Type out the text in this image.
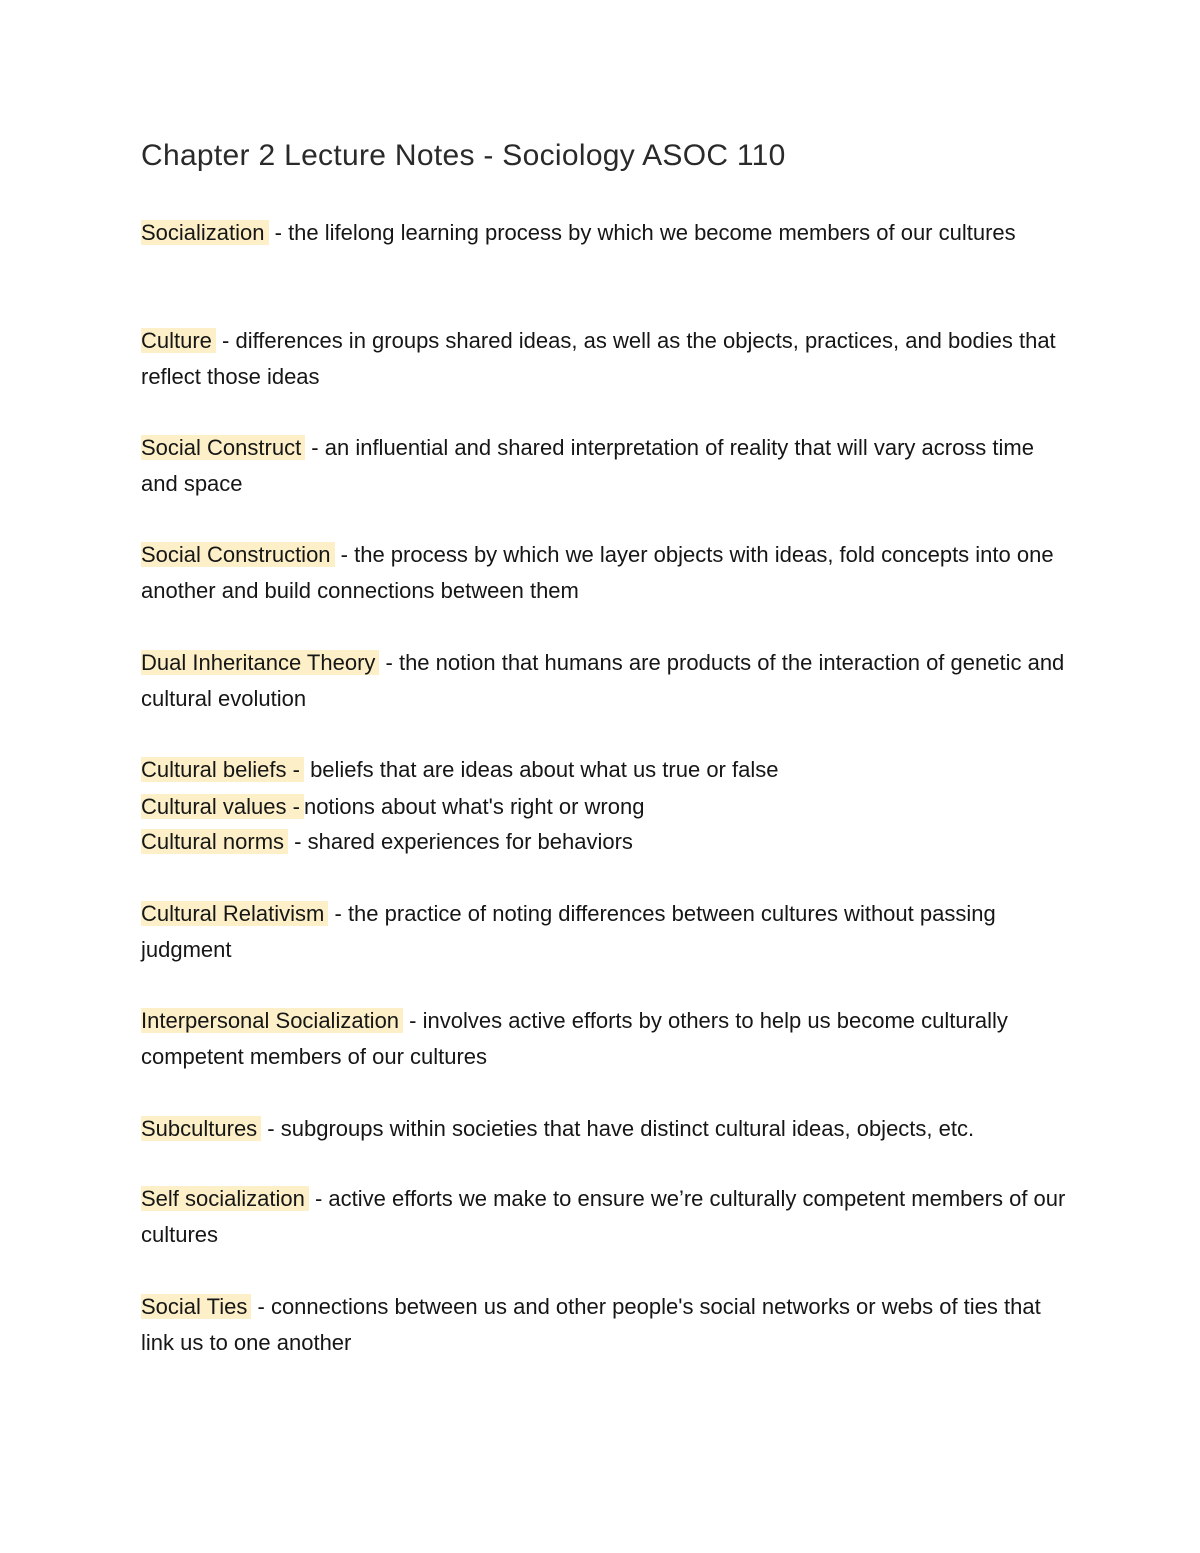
Chapter 2 Lecture Notes - Sociology ASOC 110
Socialization - the lifelong learning process by which we become members of our cultures
Culture - differences in groups shared ideas, as well as the objects, practices, and bodies that reflect those ideas
Social Construct - an influential and shared interpretation of reality that will vary across time and space
Social Construction - the process by which we layer objects with ideas, fold concepts into one another and build connections between them
Dual Inheritance Theory - the notion that humans are products of the interaction of genetic and cultural evolution
Cultural beliefs - beliefs that are ideas about what us true or false
Cultural values - notions about what's right or wrong
Cultural norms - shared experiences for behaviors
Cultural Relativism - the practice of noting differences between cultures without passing judgment
Interpersonal Socialization - involves active efforts by others to help us become culturally competent members of our cultures
Subcultures - subgroups within societies that have distinct cultural ideas, objects, etc.
Self socialization - active efforts we make to ensure we’re culturally competent members of our cultures
Social Ties - connections between us and other people's social networks or webs of ties that link us to one another
